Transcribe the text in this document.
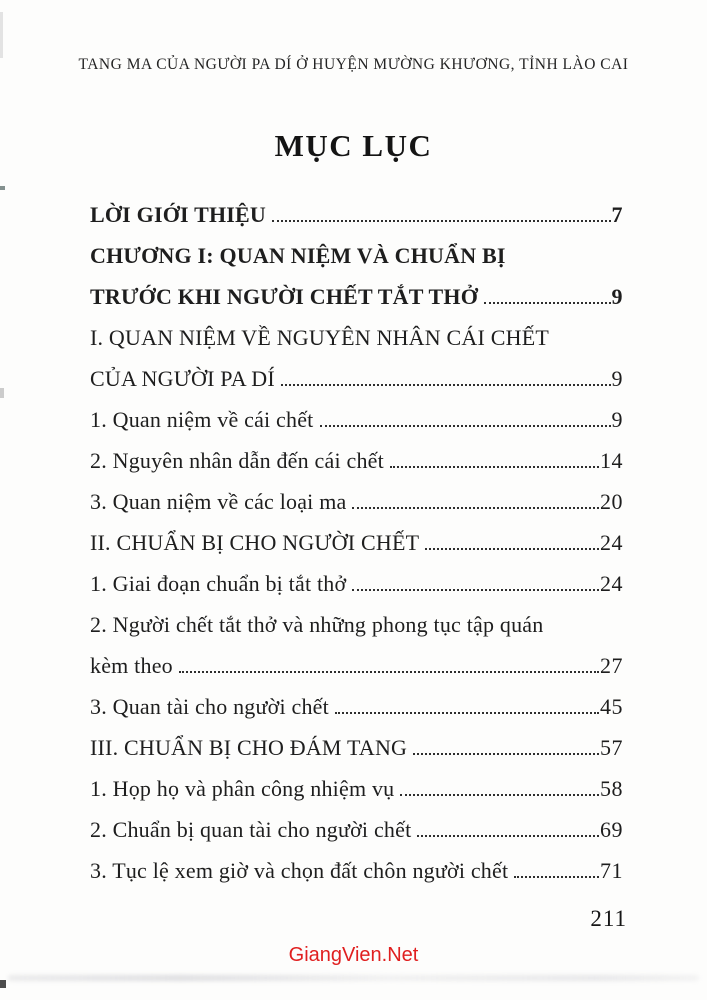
TANG MA CỦA NGƯỜI PA DÍ Ở HUYỆN MƯỜNG KHƯƠNG, TỈNH LÀO CAI
MỤC LỤC
LỜI GIỚI THIỆU	7
CHƯƠNG I: QUAN NIỆM VÀ CHUẨN BỊ
TRƯỚC KHI NGƯỜI CHẾT TẮT THỞ	9
I. QUAN NIỆM VỀ NGUYÊN NHÂN CÁI CHẾT
CỦA NGƯỜI PA DÍ	9
1. Quan niệm về cái chết	9
2. Nguyên nhân dẫn đến cái chết	14
3. Quan niệm về các loại ma	20
II. CHUẨN BỊ CHO NGƯỜI CHẾT	24
1. Giai đoạn chuẩn bị tắt thở	24
2. Người chết tắt thở và những phong tục tập quán
kèm theo	27
3. Quan tài cho người chết	45
III. CHUẨN BỊ CHO ĐÁM TANG	57
1. Họp họ và phân công nhiệm vụ	58
2. Chuẩn bị quan tài cho người chết	69
3. Tục lệ xem giờ và chọn đất chôn người chết	71
211
GiangVien.Net
